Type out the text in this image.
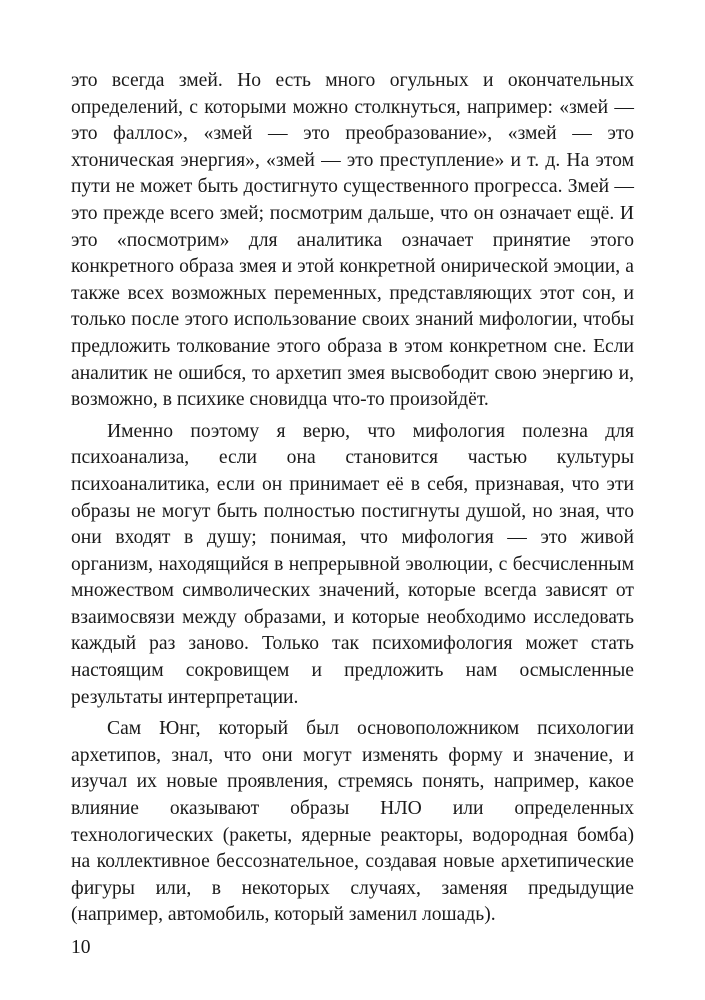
это всегда змей. Но есть много огульных и окончательных определений, с которыми можно столкнуться, например: «змей — это фаллос», «змей — это преобразование», «змей — это хтоническая энергия», «змей — это преступление» и т. д. На этом пути не может быть достигнуто существенного прогресса. Змей — это прежде всего змей; посмотрим дальше, что он означает ещё. И это «посмотрим» для аналитика означает принятие этого конкретного образа змея и этой конкретной онирической эмоции, а также всех возможных переменных, представляющих этот сон, и только после этого использование своих знаний мифологии, чтобы предложить толкование этого образа в этом конкретном сне. Если аналитик не ошибся, то архетип змея высвободит свою энергию и, возможно, в психике сновидца что-то произойдёт.

Именно поэтому я верю, что мифология полезна для психоанализа, если она становится частью культуры психоаналитика, если он принимает её в себя, признавая, что эти образы не могут быть полностью постигнуты душой, но зная, что они входят в душу; понимая, что мифология — это живой организм, находящийся в непрерывной эволюции, с бесчисленным множеством символических значений, которые всегда зависят от взаимосвязи между образами, и которые необходимо исследовать каждый раз заново. Только так психомифология может стать настоящим сокровищем и предложить нам осмысленные результаты интерпретации.

Сам Юнг, который был основоположником психологии архетипов, знал, что они могут изменять форму и значение, и изучал их новые проявления, стремясь понять, например, какое влияние оказывают образы НЛО или определенных технологических (ракеты, ядерные реакторы, водородная бомба) на коллективное бессознательное, создавая новые архетипические фигуры или, в некоторых случаях, заменяя предыдущие (например, автомобиль, который заменил лошадь).

10
